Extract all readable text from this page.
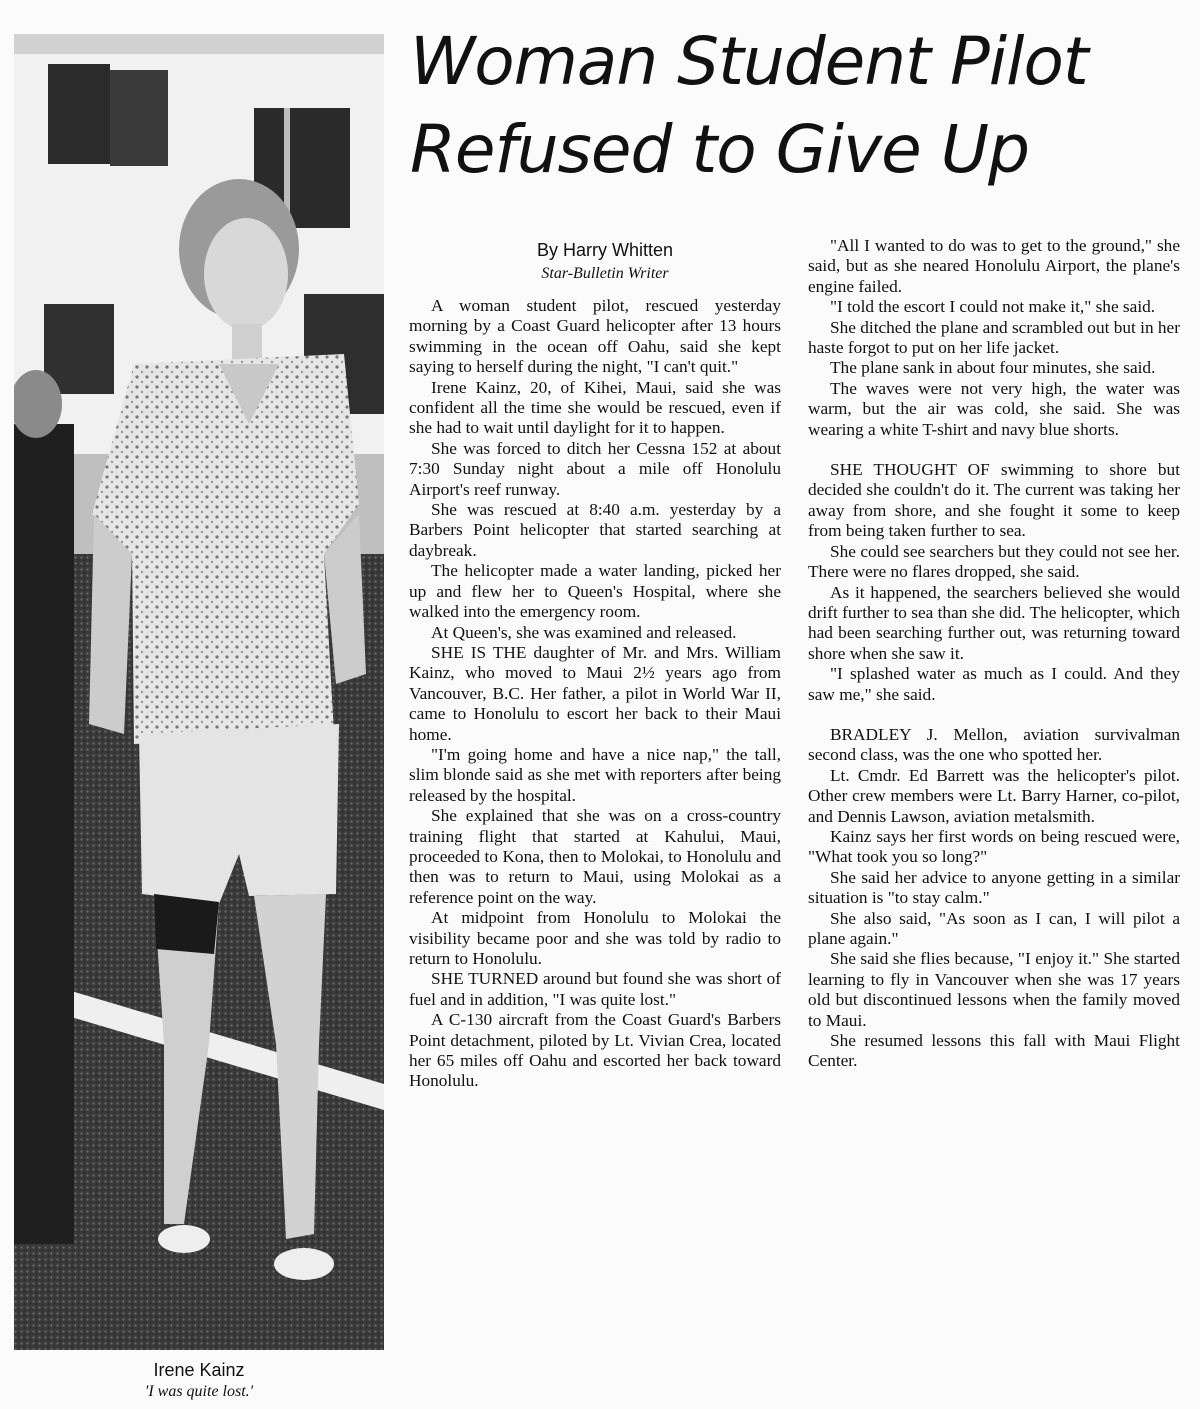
Irene Kainz

'I was quite lost.'

Woman Student Pilot
Refused to Give Up

By Harry Whitten

Star-Bulletin Writer

A woman student pilot, rescued yesterday morning by a Coast Guard helicopter after 13 hours swimming in the ocean off Oahu, said she kept saying to herself during the night, "I can't quit."

Irene Kainz, 20, of Kihei, Maui, said she was confident all the time she would be rescued, even if she had to wait until daylight for it to happen.

She was forced to ditch her Cessna 152 at about 7:30 Sunday night about a mile off Honolulu Airport's reef runway.

She was rescued at 8:40 a.m. yesterday by a Barbers Point helicopter that started searching at daybreak.

The helicopter made a water landing, picked her up and flew her to Queen's Hospital, where she walked into the emergency room.

At Queen's, she was examined and released.

SHE IS THE daughter of Mr. and Mrs. William Kainz, who moved to Maui 2½ years ago from Vancouver, B.C. Her father, a pilot in World War II, came to Honolulu to escort her back to their Maui home.

"I'm going home and have a nice nap," the tall, slim blonde said as she met with reporters after being released by the hospital.

She explained that she was on a cross-country training flight that started at Kahului, Maui, proceeded to Kona, then to Molokai, to Honolulu and then was to return to Maui, using Molokai as a reference point on the way.

At midpoint from Honolulu to Molokai the visibility became poor and she was told by radio to return to Honolulu.

SHE TURNED around but found she was short of fuel and in addition, "I was quite lost."

A C-130 aircraft from the Coast Guard's Barbers Point detachment, piloted by Lt. Vivian Crea, located her 65 miles off Oahu and escorted her back toward Honolulu.

"All I wanted to do was to get to the ground," she said, but as she neared Honolulu Airport, the plane's engine failed.

"I told the escort I could not make it," she said.

She ditched the plane and scrambled out but in her haste forgot to put on her life jacket.

The plane sank in about four minutes, she said.

The waves were not very high, the water was warm, but the air was cold, she said. She was wearing a white T-shirt and navy blue shorts.

SHE THOUGHT OF swimming to shore but decided she couldn't do it. The current was taking her away from shore, and she fought it some to keep from being taken further to sea.

She could see searchers but they could not see her. There were no flares dropped, she said.

As it happened, the searchers believed she would drift further to sea than she did. The helicopter, which had been searching further out, was returning toward shore when she saw it.

"I splashed water as much as I could. And they saw me," she said.

BRADLEY J. Mellon, aviation survivalman second class, was the one who spotted her.

Lt. Cmdr. Ed Barrett was the helicopter's pilot. Other crew members were Lt. Barry Harner, co-pilot, and Dennis Lawson, aviation metalsmith.

Kainz says her first words on being rescued were, "What took you so long?"

She said her advice to anyone getting in a similar situation is "to stay calm."

She also said, "As soon as I can, I will pilot a plane again."

She said she flies because, "I enjoy it." She started learning to fly in Vancouver when she was 17 years old but discontinued lessons when the family moved to Maui.

She resumed lessons this fall with Maui Flight Center.
